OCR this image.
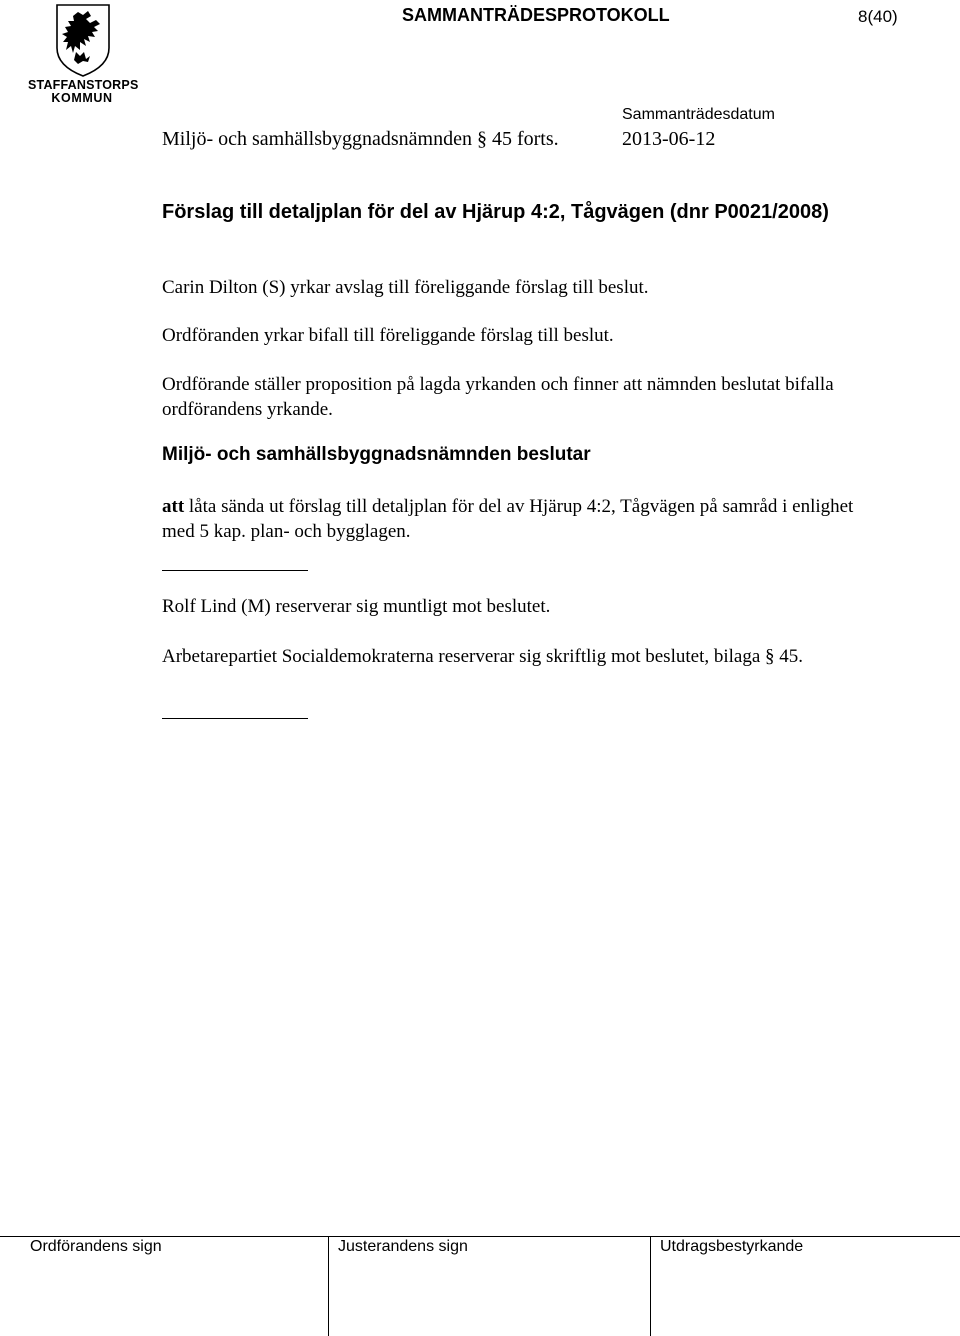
STAFFANSTORPS
KOMMUN
SAMMANTRÄDESPROTOKOLL	8(40)
Miljö- och samhällsbyggnadsnämnden § 45 forts.
Sammanträdesdatum
2013-06-12
Förslag till detaljplan för del av Hjärup 4:2, Tågvägen (dnr P0021/2008)
Carin Dilton (S) yrkar avslag till föreliggande förslag till beslut.
Ordföranden yrkar bifall till föreliggande förslag till beslut.
Ordförande ställer proposition på lagda yrkanden och finner att nämnden beslutat bifalla ordförandens yrkande.
Miljö- och samhällsbyggnadsnämnden beslutar
att låta sända ut förslag till detaljplan för del av Hjärup 4:2, Tågvägen på samråd i enlighet med 5 kap. plan- och bygglagen.
Rolf Lind (M) reserverar sig muntligt mot beslutet.
Arbetarepartiet Socialdemokraterna reserverar sig skriftlig mot beslutet, bilaga § 45.
Ordförandens sign	Justerandens sign	Utdragsbestyrkande
